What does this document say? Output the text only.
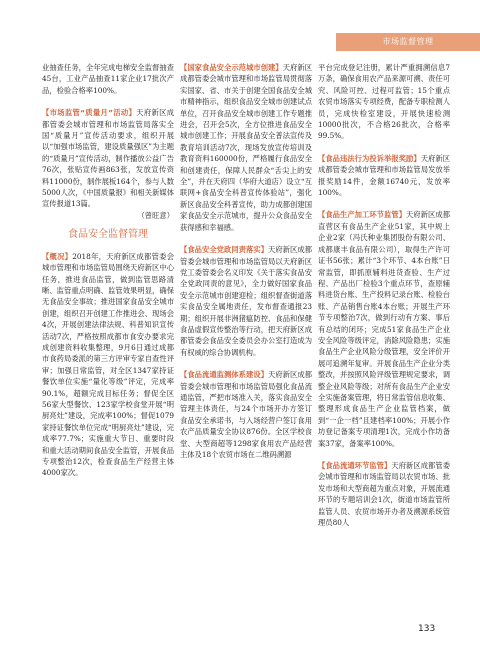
市场监督管理

业抽查任务，全年完成电梯安全监督抽查45台，工业产品抽查11家企业17批次产品，检验合格率100%。

【市场监管“质量月”活动】天府新区成都管委会城市管理和市场监管局落实全国“质量月”宣传活动要求，组织开展以“加强市场监管，建设质量强区”为主题的“质量月”宣传活动，制作播放公益广告76次，张贴宣传画863张，发放宣传资料11000份，制作展板164个，参与人数5000人次，《中国质量报》和相关新媒体宣传报道13篇。

（曾旺意）

食品安全监督管理

【概况】2018年，天府新区成都管委会城市管理和市场监管局围绕天府新区中心任务，推进食品监管，做到监管思路清晰、监管重点明确、监管效果明显，确保无食品安全事故；推进国家食品安全城市创建，组织召开创建工作推进会、现场会4次，开展创建法律法规、科普知识宣传活动7次，严格按照成都市食安办要求完成创建资料收集整理，9月6日通过成都市食药局委派的第三方评审专家自查性评审；加强日常监管，对全区1347家持证餐饮单位实施“量化等级”评定，完成率90.1%，超额完成目标任务；督促全区56家大型餐饮、123家学校食堂开展“明厨亮灶”建设，完成率100%；督促1079家持证餐饮单位完成“明厨亮灶”建设，完成率77.7%；实施重大节日、重要时段和重大活动期间食品安全监管，开展食品专项整治12次，检查食品生产经营主体4000家次。

【国家食品安全示范城市创建】天府新区成都管委会城市管理和市场监管局贯彻落实国家、省、市关于创建全国食品安全城市精神指示，组织食品安全城市创建试点单位，召开食品安全城市创建工作专题推进会，召开会5次，全方位推进食品安全城市创建工作；开展食品安全普法宣传及教育培训活动7次，现场发放宣传培训及教育资料160000份，严格履行食品安全和创建责任，保障人民群众“舌尖上的安全”，并在天府四（华府大道店）设立“互联网+食品安全科普宣传体验站”，强化新区食品安全科普宣传，助力成都创建国家食品安全示范城市，提升公众食品安全获得感和幸福感。

【食品安全党政同责落实】天府新区成都管委会城市管理和市场监管局以天府新区党工委管委会名义印发《关于落实食品安全党政同责的意见》，全力做好国家食品安全示范城市创建迎检；组织督查街道落实食品安全属地责任，发布督查通报23期；组织开展非洲猪瘟防控、食品和保健食品虚假宣传整治等行动，把天府新区成都管委会食品安全委员会办公室打造成为有权威的综合协调机构。

【食品流通监测体系建设】天府新区成都管委会城市管理和市场监管局强化食品流通监管，严把市场准入关，落实食品安全管理主体责任，与24个市场开办方签订食品安全承诺书，与入场经营户签订食用农产品质量安全协议876份。全区学校食堂、大型商超等1298家食用农产品经营主体及18个农贸市场在二维码溯源

平台完成登记注册，累计严重拥溯信息7万条，确保食用农产品来源可溯、责任可究、风险可控、过程可监管；15个重点农贸市场落实专项经费，配备专职检测人员，完成快检室建设，开展快速检测10000批次，不合格26批次，合格率99.5%。

【食品违法行为投诉举报奖励】天府新区成都管委会城市管理和市场监管局发放举报奖励14件，金额16740元，发放率100%。

【食品生产加工环节监管】天府新区成都直营区有食品生产企业51家，其中规上企业2家（冯氏种业集团股份有限公司、成都康丰食品有限公司），取得生产许可证书56张；累计“3个环节、4本台账”日常监管，即抓原辅料进货查验、生产过程、产品出厂检验3个重点环节，查原辅料进货台账、生产投料记录台账、检验台账、产品销售台账4本台账；开展生产环节专项整治7次，做到行动有方案、事后有总结的闭环；完成51家食品生产企业安全风险等级评定，消除风险隐患；实施食品生产企业风险分级管理，安全评价开展可追溯年复审。开展食品生产企业分类整改，并按照风险评级管理规定要求，调整企业风险等级；对所有食品生产企业安全实施备案管理，将日常监管信息收集、整理形成食品生产企业监管档案，做到“一企一档”且建档率100%；开展小作坊登记备案专项清理1次，完成小作坊备案37家，备案率100%。

【食品流通环节监管】天府新区成都管委会城市管理和市场监管局以农贸市场、批发市场和大型商超为重点对象，开展流通环节的专题培训会1次，街道市场监管所监管人员、农贸市场开办者及溯源系统管理员80人

133
